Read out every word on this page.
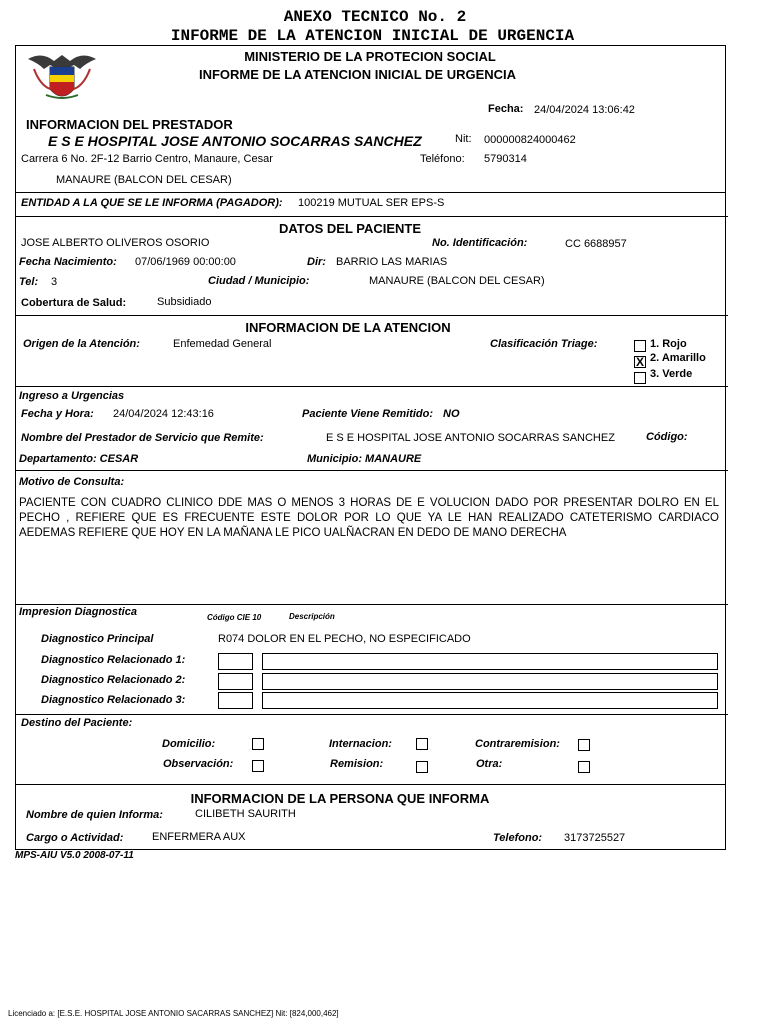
ANEXO TECNICO No. 2
INFORME DE LA ATENCION INICIAL DE URGENCIA
MINISTERIO DE LA PROTECION SOCIAL
INFORME DE LA ATENCION INICIAL DE URGENCIA
Fecha: 24/04/2024 13:06:42
INFORMACION DEL PRESTADOR
E S E HOSPITAL JOSE ANTONIO SOCARRAS SANCHEZ	Nit: 000000824000462
Carrera 6 No. 2F-12 Barrio Centro, Manaure, Cesar	Teléfono: 5790314
MANAURE (BALCON DEL CESAR)
ENTIDAD A LA QUE SE LE INFORMA (PAGADOR): 100219 MUTUAL SER EPS-S
DATOS DEL PACIENTE
JOSE ALBERTO OLIVEROS OSORIO	No. Identificación:	CC 6688957
Fecha Nacimiento: 07/06/1969 00:00:00	Dir: BARRIO LAS MARIAS
Tel: 3	Ciudad / Municipio:	MANAURE (BALCON DEL CESAR)
Cobertura de Salud:	Subsidiado
INFORMACION DE LA ATENCION
Origen de la Atención:	Enfemedad General	Clasificación Triage:	1. Rojo
X 2. Amarillo
3. Verde
Ingreso a Urgencias
Fecha y Hora: 24/04/2024 12:43:16	Paciente Viene Remitido: NO
Nombre del Prestador de Servicio que Remite:	E S E HOSPITAL JOSE ANTONIO SOCARRAS SANCHEZ	Código:
Departamento: CESAR	Municipio: MANAURE
Motivo de Consulta:
PACIENTE CON CUADRO CLINICO DDE MAS O MENOS 3 HORAS DE E VOLUCION DADO POR PRESENTAR DOLRO EN EL PECHO , REFIERE QUE ES FRECUENTE ESTE DOLOR POR LO QUE YA LE HAN REALIZADO CATETERISMO CARDIACO AEDEMAS REFIERE QUE HOY EN LA MAÑANA LE PICO UALÑACRAN EN DEDO DE MANO DERECHA
Impresion Diagnostica	Código CIE 10	Descripción
Diagnostico Principal	R074 DOLOR EN EL PECHO, NO ESPECIFICADO
Diagnostico Relacionado 1:
Diagnostico Relacionado 2:
Diagnostico Relacionado 3:
Destino del Paciente:
Domicilio:	Internacion:	Contraremision:
Observación:	Remision:	Otra:
INFORMACION DE LA PERSONA QUE INFORMA
Nombre de quien Informa:	CILIBETH SAURITH
Cargo o Actividad:	ENFERMERA AUX	Telefono: 3173725527
MPS-AIU V5.0 2008-07-11
Licenciado a: [E.S.E. HOSPITAL JOSE ANTONIO SACARRAS SANCHEZ] Nit: [824,000,462]
